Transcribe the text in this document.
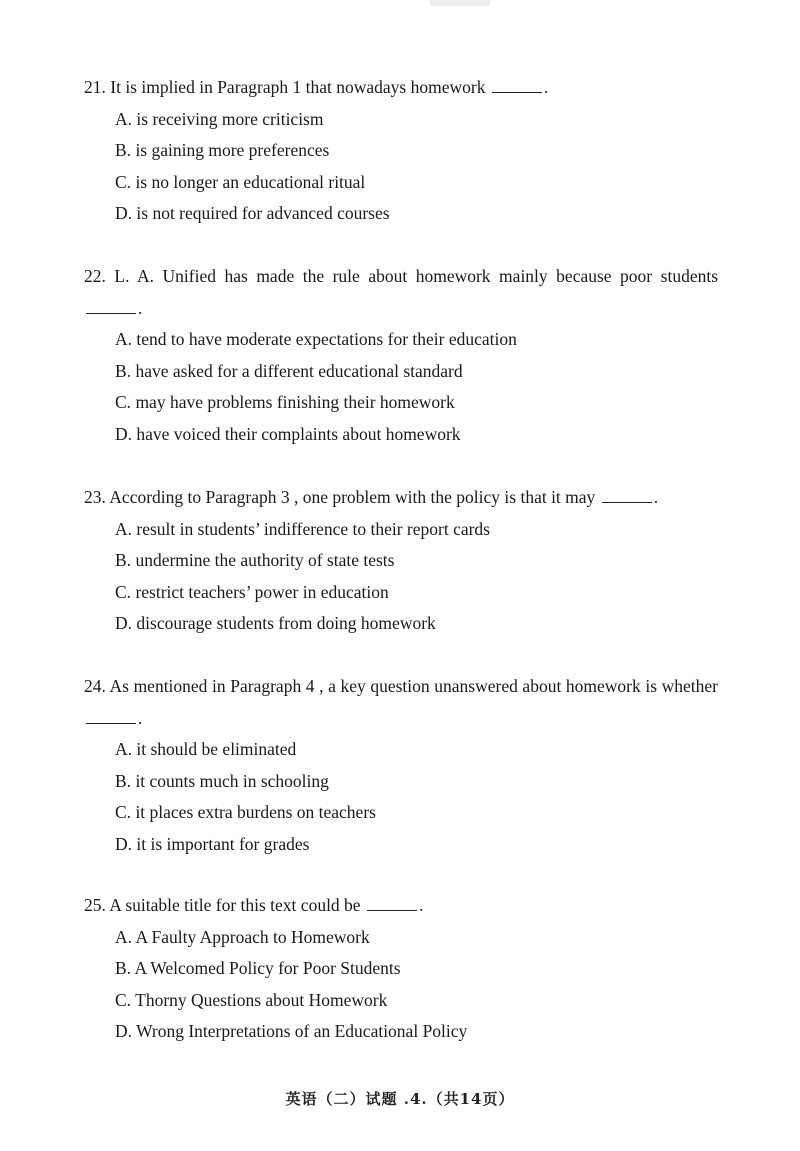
21. It is implied in Paragraph 1 that nowadays homework	.

A. is receiving more criticism
B. is gaining more preferences
C. is no longer an educational ritual
D. is not required for advanced courses

22. L. A. Unified has made the rule about homework mainly because poor students .

A. tend to have moderate expectations for their education
B. have asked for a different educational standard
C. may have problems finishing their homework
D. have voiced their complaints about homework

23. According to Paragraph 3 , one problem with the policy is that it may	.

A. result in students’ indifference to their report cards
B. undermine the authority of state tests
C. restrict teachers’ power in education
D. discourage students from doing homework

24. As mentioned in Paragraph 4 , a key question unanswered about homework is whether .

A. it should be eliminated
B. it counts much in schooling
C. it places extra burdens on teachers
D. it is important for grades

25. A suitable title for this text could be	.

A. A Faulty Approach to Homework
B. A Welcomed Policy for Poor Students
C. Thorny Questions about Homework
D. Wrong Interpretations of an Educational Policy
英语（二）试题 .4.（共14页）
